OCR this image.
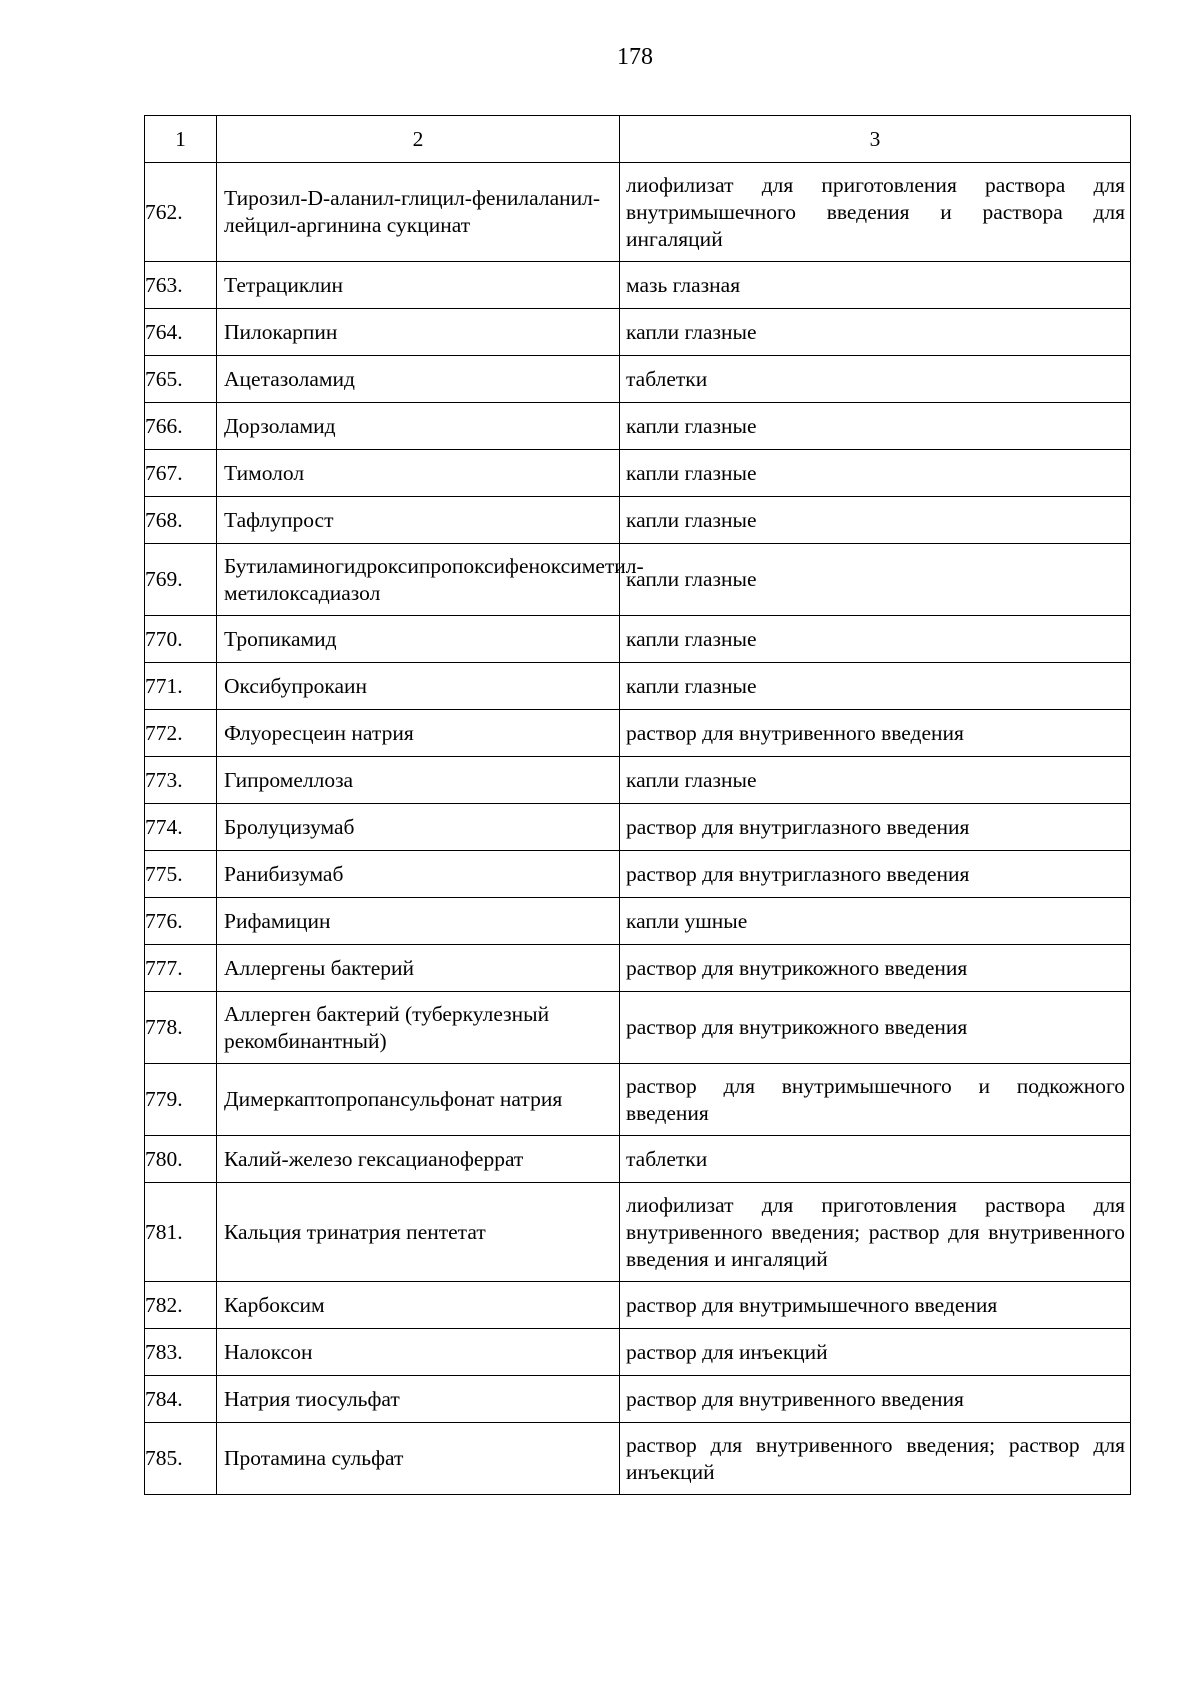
178
1	2	3
762.	Тирозил-D-аланил-глицил-фенилаланил-лейцил-аргинина сукцинат	лиофилизат для приготовления раствора для внутримышечного введения и раствора для ингаляций
763.	Тетрациклин	мазь глазная
764.	Пилокарпин	капли глазные
765.	Ацетазоламид	таблетки
766.	Дорзоламид	капли глазные
767.	Тимолол	капли глазные
768.	Тафлупрост	капли глазные
769.	Бутиламиногидроксипропоксифеноксиметил-метилоксадиазол	капли глазные
770.	Тропикамид	капли глазные
771.	Оксибупрокаин	капли глазные
772.	Флуоресцеин натрия	раствор для внутривенного введения
773.	Гипромеллоза	капли глазные
774.	Бролуцизумаб	раствор для внутриглазного введения
775.	Ранибизумаб	раствор для внутриглазного введения
776.	Рифамицин	капли ушные
777.	Аллергены бактерий	раствор для внутрикожного введения
778.	Аллерген бактерий (туберкулезный рекомбинантный)	раствор для внутрикожного введения
779.	Димеркаптопропансульфонат натрия	раствор для внутримышечного и подкожного введения
780.	Калий-железо гексацианоферрат	таблетки
781.	Кальция тринатрия пентетат	лиофилизат для приготовления раствора для внутривенного введения; раствор для внутривенного введения и ингаляций
782.	Карбоксим	раствор для внутримышечного введения
783.	Налоксон	раствор для инъекций
784.	Натрия тиосульфат	раствор для внутривенного введения
785.	Протамина сульфат	раствор для внутривенного введения; раствор для инъекций
